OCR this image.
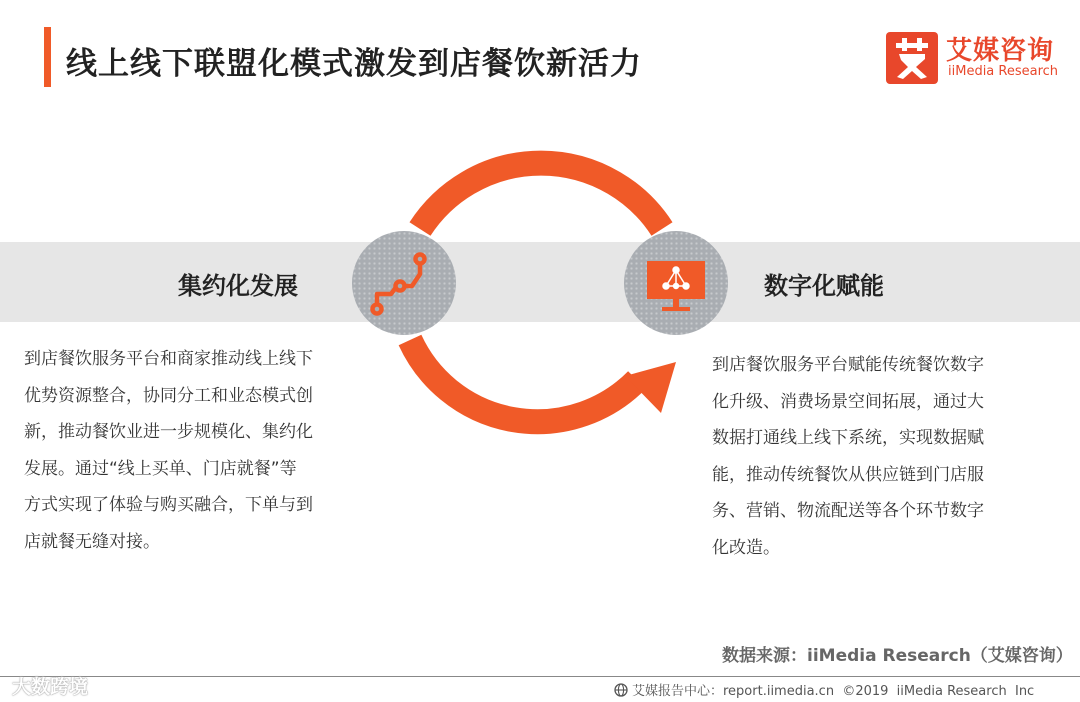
线上线下联盟化模式激发到店餐饮新活力	艾媒咨询
iiMedia Research
集约化发展	数字化赋能
到店餐饮服务平台和商家推动线上线下
优势资源整合，协同分工和业态模式创
新，推动餐饮业进一步规模化、集约化
发展。通过“线上买单、门店就餐”等
方式实现了体验与购买融合，下单与到
店就餐无缝对接。
到店餐饮服务平台赋能传统餐饮数字
化升级、消费场景空间拓展，通过大
数据打通线上线下系统，实现数据赋
能，推动传统餐饮从供应链到门店服
务、营销、物流配送等各个环节数字
化改造。
数据来源：iiMedia Research（艾媒咨询）
艾媒报告中心：report.iimedia.cn  ©2019  iiMedia Research  Inc
大数跨境
